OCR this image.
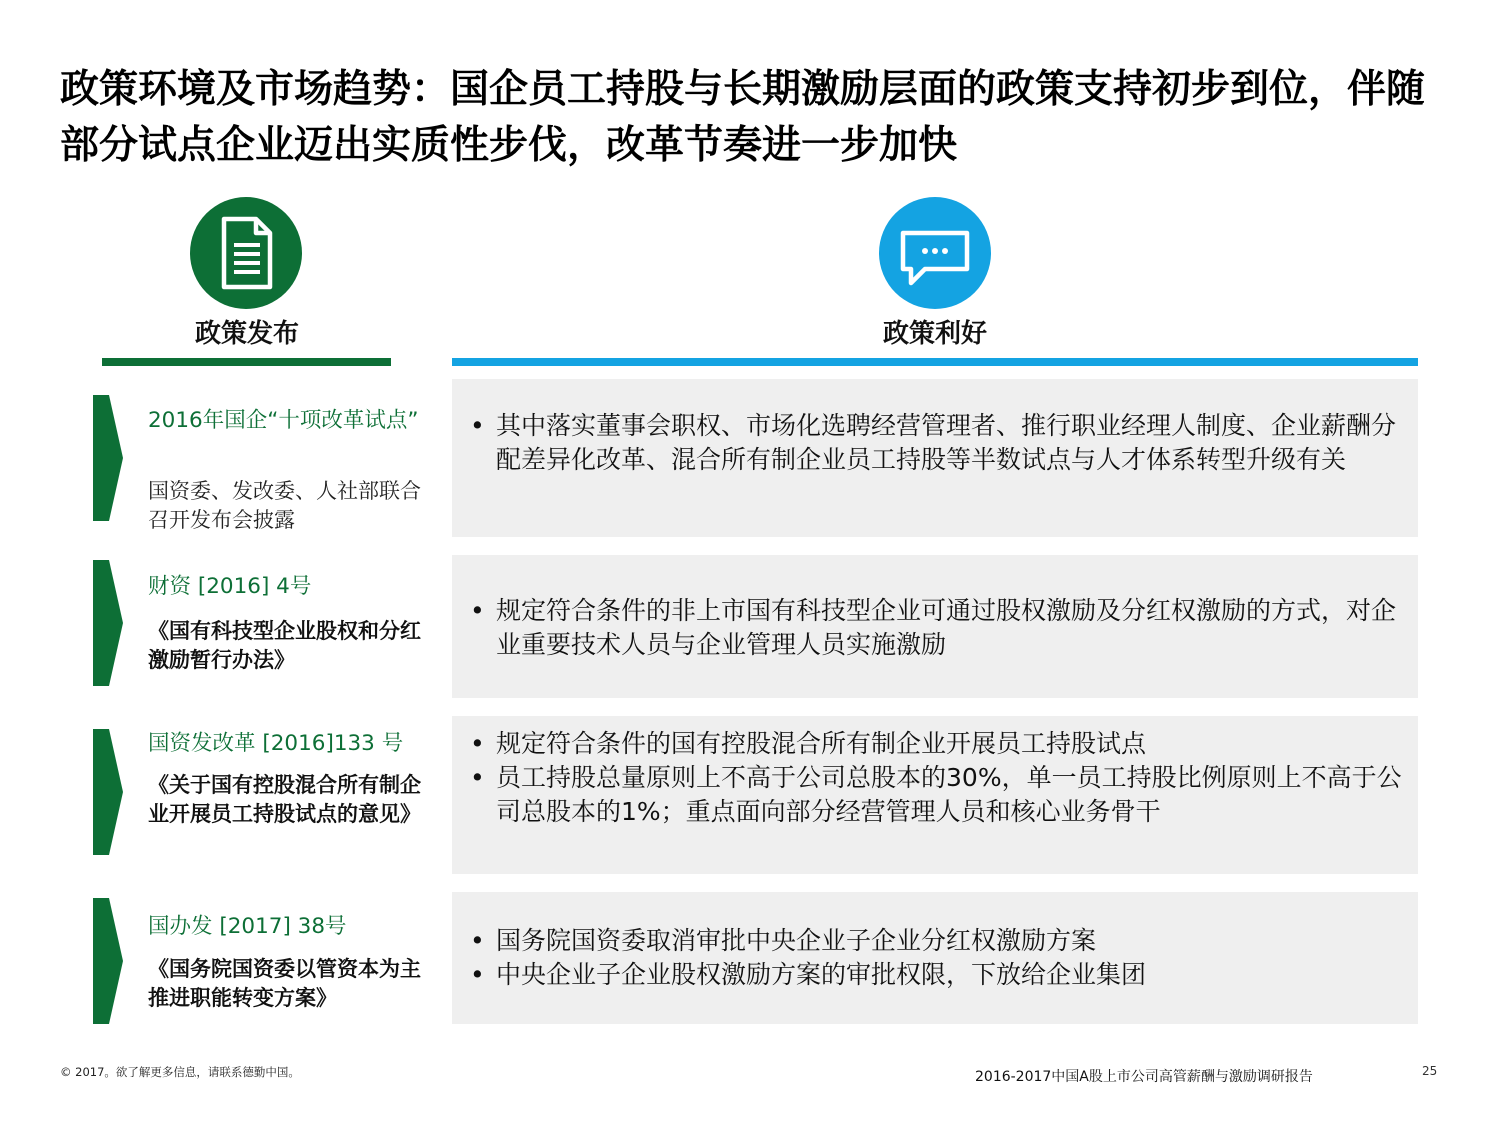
政策环境及市场趋势：国企员工持股与长期激励层面的政策支持初步到位，伴随部分试点企业迈出实质性步伐，改革节奏进一步加快
政策发布	政策利好
2016年国企“十项改革试点”
国资委、发改委、人社部联合召开发布会披露
• 其中落实董事会职权、市场化选聘经营管理者、推行职业经理人制度、企业薪酬分配差异化改革、混合所有制企业员工持股等半数试点与人才体系转型升级有关
财资 [2016] 4号
《国有科技型企业股权和分红激励暂行办法》
• 规定符合条件的非上市国有科技型企业可通过股权激励及分红权激励的方式，对企业重要技术人员与企业管理人员实施激励
国资发改革 [2016]133 号
《关于国有控股混合所有制企业开展员工持股试点的意见》
• 规定符合条件的国有控股混合所有制企业开展员工持股试点
• 员工持股总量原则上不高于公司总股本的30%，单一员工持股比例原则上不高于公司总股本的1%；重点面向部分经营管理人员和核心业务骨干
国办发 [2017] 38号
《国务院国资委以管资本为主推进职能转变方案》
• 国务院国资委取消审批中央企业子企业分红权激励方案
• 中央企业子企业股权激励方案的审批权限，下放给企业集团
© 2017。欲了解更多信息，请联系德勤中国。	2016-2017中国A股上市公司高管薪酬与激励调研报告	25
